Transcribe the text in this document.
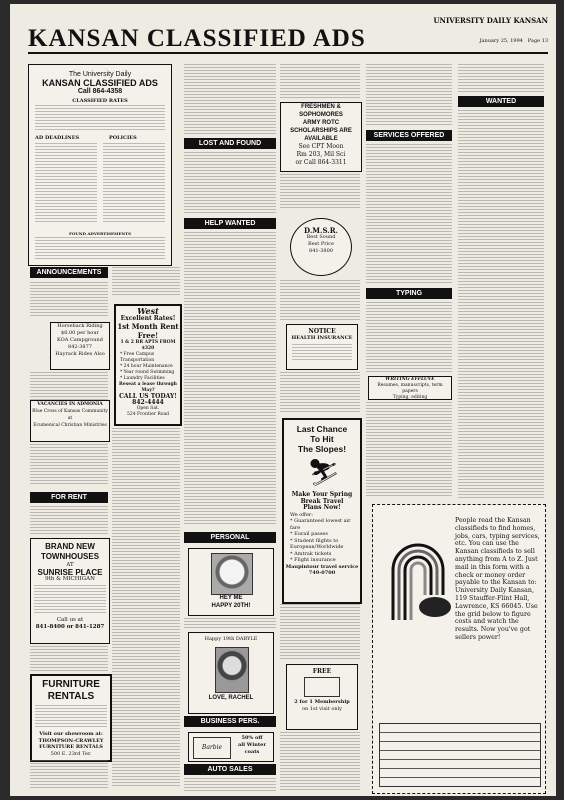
UNIVERSITY DAILY KANSAN
KANSAN CLASSIFIED ADS	January 25, 1994 Page 13
The University Daily
KANSAN CLASSIFIED ADS
Call 864-4358
CLASSIFIED RATES
AD DEADLINES	POLICIES
FOUND ADVERTISEMENTS
ANNOUNCEMENTS
Horseback Riding
$6.00 per hour
KOA Campground
842-3877
Hayrack Rides Also
VACANCIES IN ADMONIA
Blue Cross of Kansas Community at
Ecumenical Christian Ministries
FOR RENT
BRAND NEW
TOWNHOUSES
AT
SUNRISE PLACE
9th & MICHIGAN
Call us at
841-8400 or 841-1287
FURNITURE
RENTALS
Visit our showroom at:
THOMPSON-CRAWLEY
FURNITURE RENTALS
500 E. 23rd Ter.
West
Excellent Rates!
1st Month Rent Free!
1 & 2 BR APTS FROM $320
* Free Campus Transportation
* 24 hour Maintenance
* Year round Swimming
* Laundry Facilities
Reseat a lease through May?
CALL US TODAY!
842-4444
Open Sat.
524 Frontier Road
LOST AND FOUND
HELP WANTED
PERSONAL
HEY ME
HAPPY 20TH!
Happy 19th DARYLE
LOVE, RACHEL
BUSINESS PERS.
Barbie
50% off
all Winter
coats
AUTO SALES
FRESHMEN &
SOPHOMORES
ARMY ROTC
SCHOLARSHIPS ARE
AVAILABLE
See CPT Moon
Rm 203, Mil Sci
or Call 864-3311
D.M.S.R.
Best Sound
Best Price
841-3800
NOTICE
HEALTH INSURANCE
Last Chance
To Hit
The Slopes!
⛷
Make Your Spring
Break Travel
Plans Now!
We offer:
* Guaranteed lowest air fare
* Eurail passes
* Student flights to European/Worldwide
* Amtrak tickets
* Flight insurance
Maupintour travel service
749-0700
FREE
2 for 1 Membership
on 1st visit only
SERVICES OFFERED
TYPING
WRITING EFFLUVE
Resumes, manuscripts, term papers
Typing, editing
WANTED
People read the Kansan classifieds to find homes, jobs, cars, typing services, etc. You can use the Kansan classifieds to sell anything from A to Z. Just mail in this form with a check or money order payable to the Kansan to: University Daily Kansan, 119 Stauffer-Flint Hall, Lawrence, KS 66045. Use the grid below to figure costs and watch the results. Now you've got sellers power!
